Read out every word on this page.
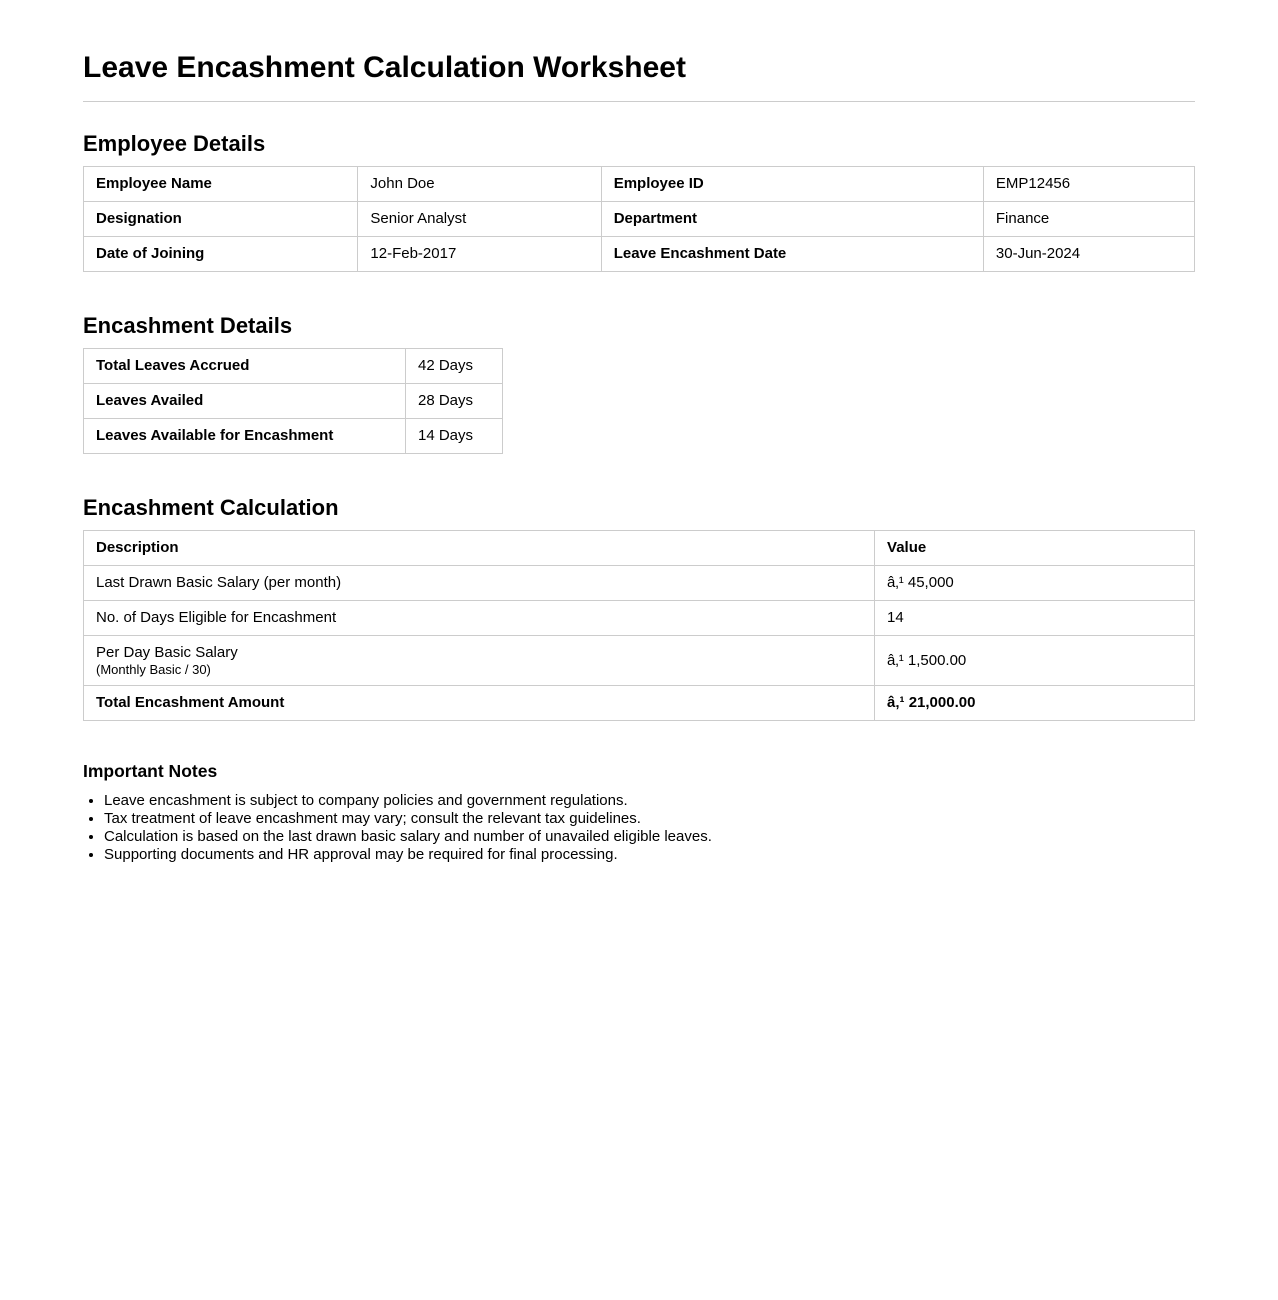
Leave Encashment Calculation Worksheet
Employee Details
Employee Name	John Doe	Employee ID	EMP12456
Designation	Senior Analyst	Department	Finance
Date of Joining	12-Feb-2017	Leave Encashment Date	30-Jun-2024
Encashment Details
Total Leaves Accrued	42 Days
Leaves Availed	28 Days
Leaves Available for Encashment	14 Days
Encashment Calculation
Description	Value
Last Drawn Basic Salary (per month)	â‚¹ 45,000
No. of Days Eligible for Encashment	14
Per Day Basic Salary
(Monthly Basic / 30)	â‚¹ 1,500.00
Total Encashment Amount	â‚¹ 21,000.00
Important Notes
• Leave encashment is subject to company policies and government regulations.
• Tax treatment of leave encashment may vary; consult the relevant tax guidelines.
• Calculation is based on the last drawn basic salary and number of unavailed eligible leaves.
• Supporting documents and HR approval may be required for final processing.
